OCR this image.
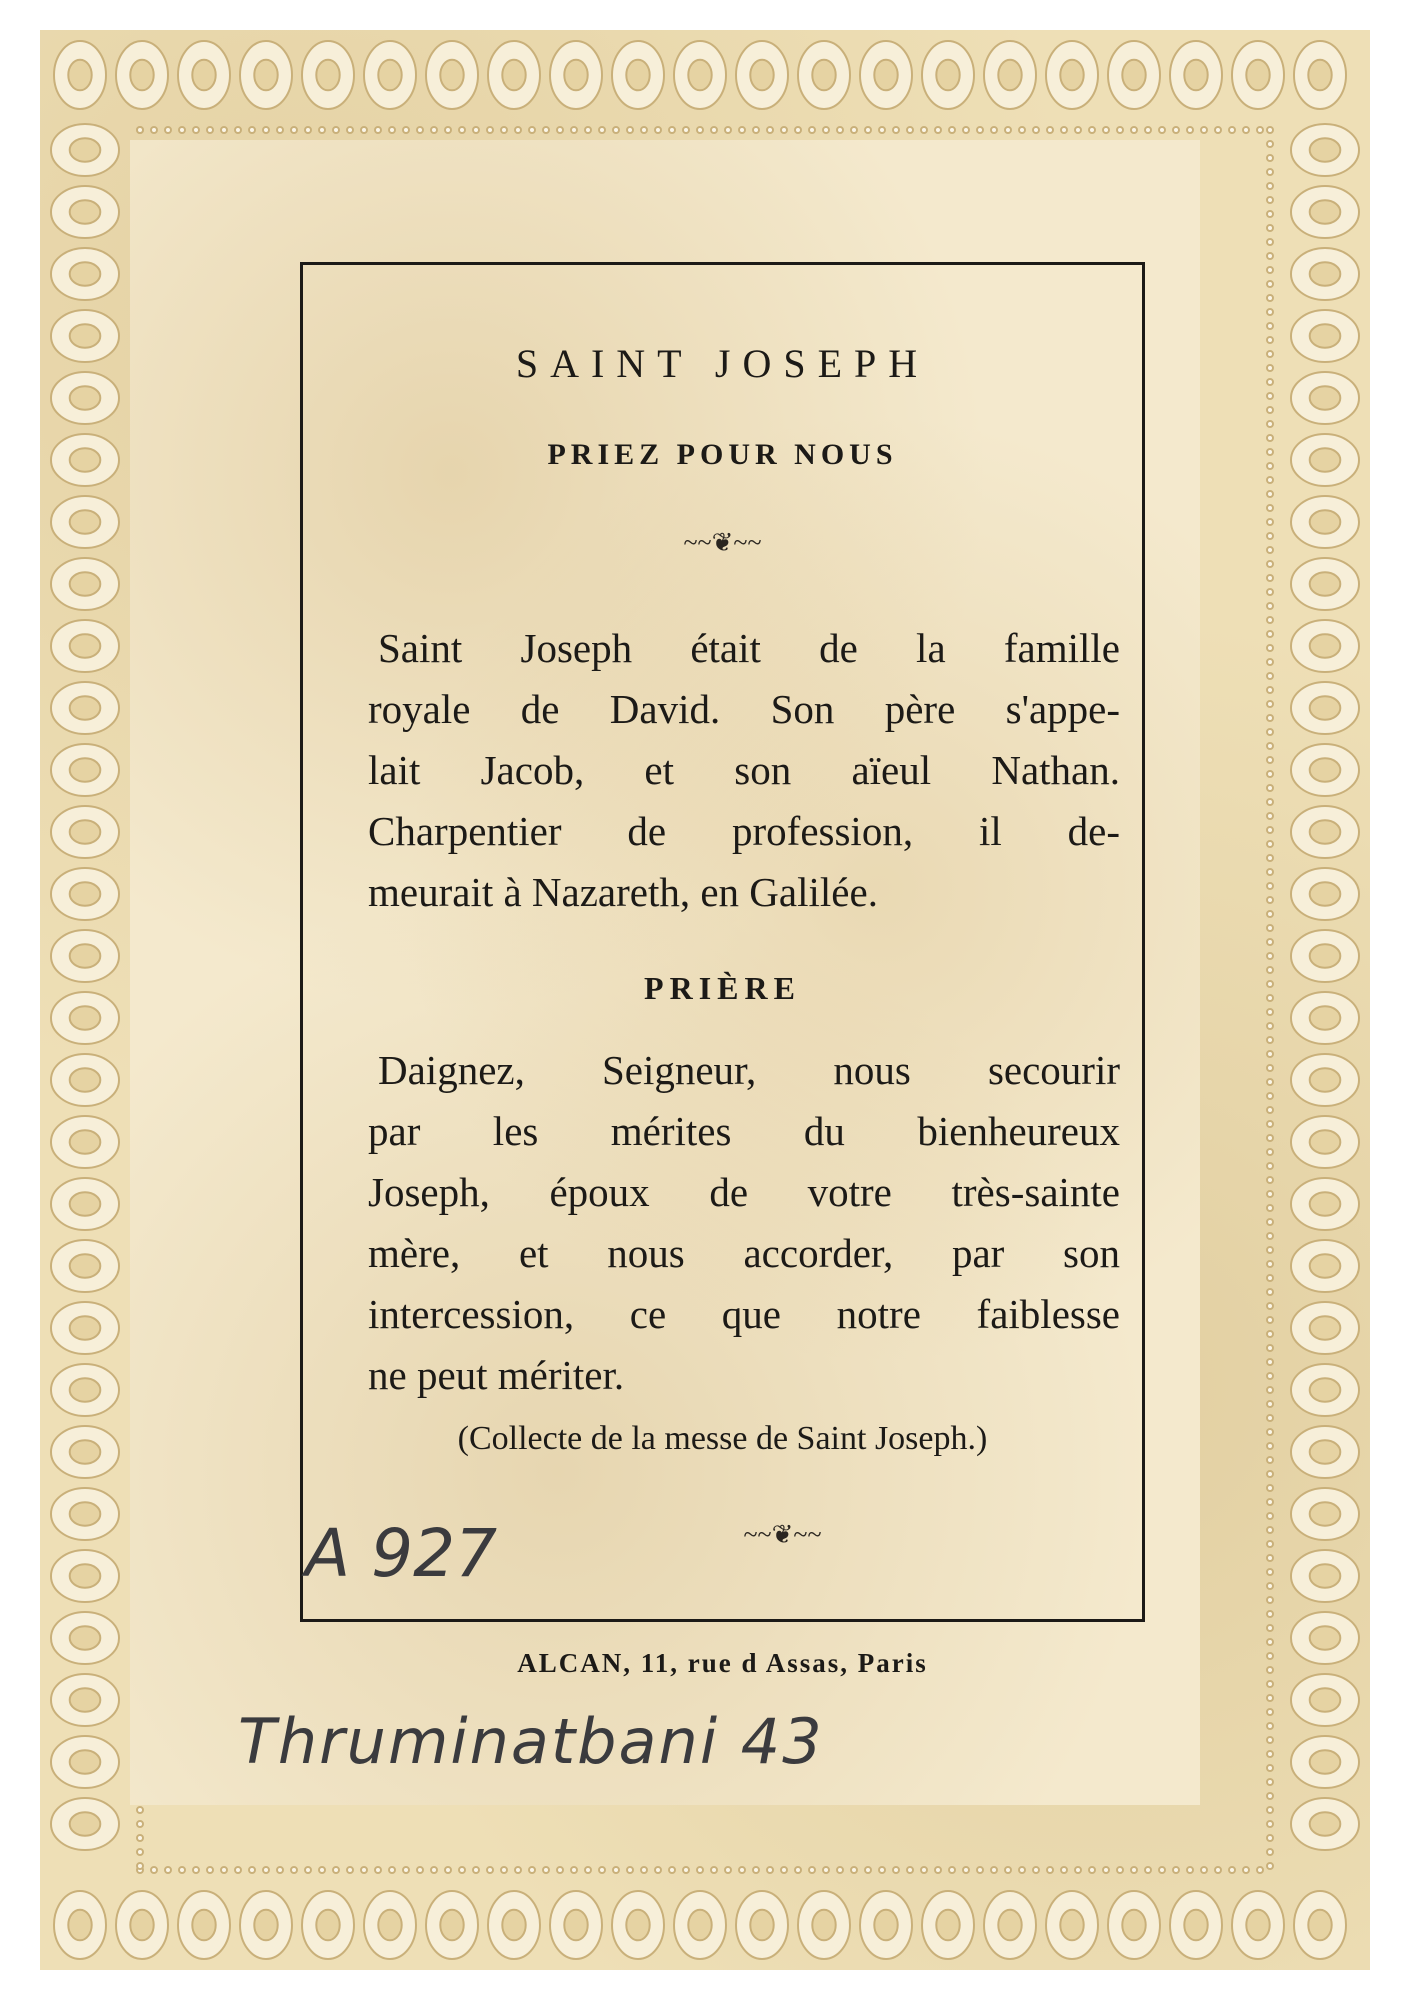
SAINT JOSEPH
PRIEZ POUR NOUS
~~❦~~
Saint Joseph était de la famille
royale de David. Son père s'appe-
lait Jacob, et son aïeul Nathan.
Charpentier de profession, il de-
meurait à Nazareth, en Galilée.
PRIÈRE
Daignez, Seigneur, nous secourir
par les mérites du bienheureux
Joseph, époux de votre très-sainte
mère, et nous accorder, par son
intercession, ce que notre faiblesse
ne peut mériter.
(Collecte de la messe de Saint Joseph.)
~~❦~~
A 927
ALCAN, 11, rue d Assas, Paris
Thruminatbani 43
